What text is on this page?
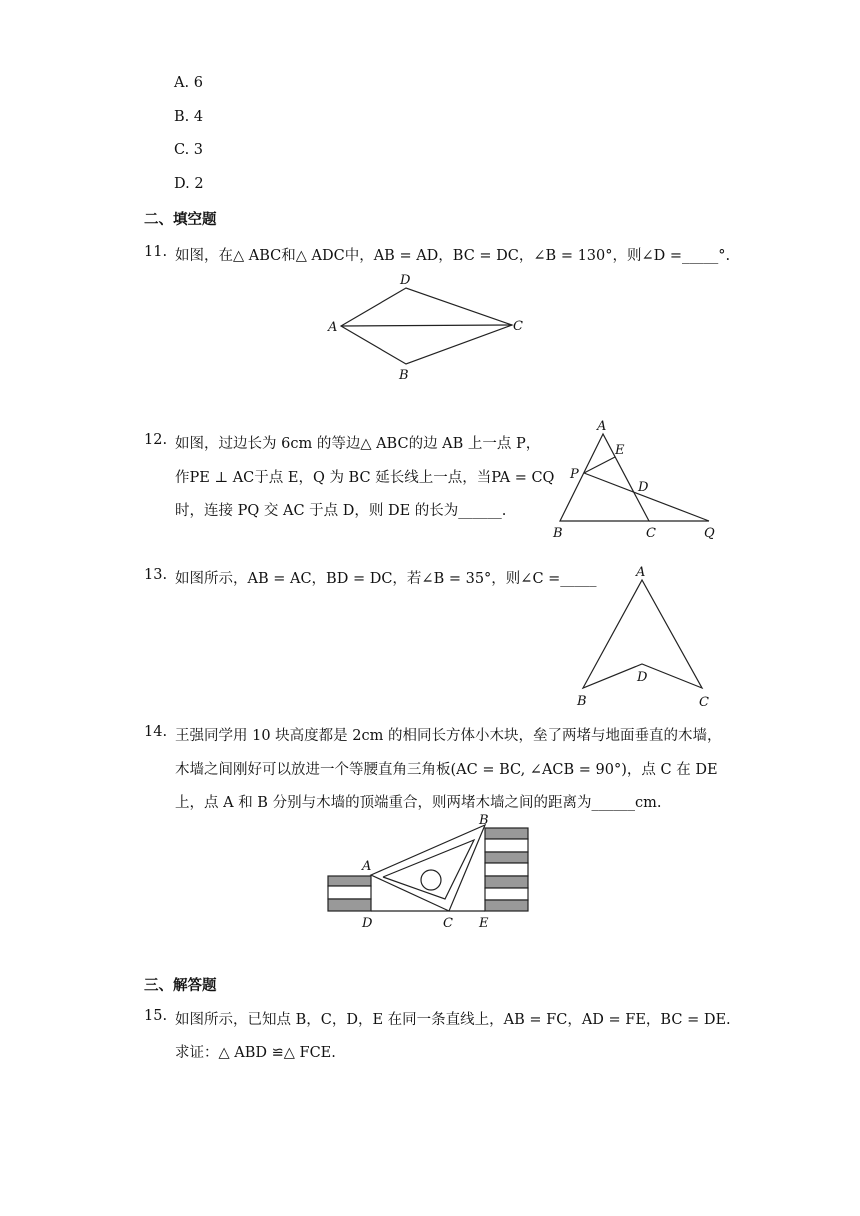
A. 6
B. 4
C. 3
D. 2
二、填空题
11. 如图，在△ ABC和△ ADC中，AB = AD，BC = DC，∠B = 130°，则∠D =_____°.
D
A	C
B
12. 如图，过边长为 6cm 的等边△ ABC的边 AB 上一点 P，
作PE ⊥ AC于点 E，Q 为 BC 延长线上一点，当PA = CQ
时，连接 PQ 交 AC 于点 D，则 DE 的长为______.
A
E
P
D
B	C	Q
13. 如图所示，AB = AC，BD = DC，若∠B = 35°，则∠C =_____	A
D
B	C
14. 王强同学用 10 块高度都是 2cm 的相同长方体小木块，垒了两堵与地面垂直的木墙，
木墙之间刚好可以放进一个等腰直角三角板(AC = BC, ∠ACB = 90°)，点 C 在 DE
上，点 A 和 B 分别与木墙的顶端重合，则两堵木墙之间的距离为______cm.
A
B
D	C E
三、解答题
15. 如图所示，已知点 B，C，D，E 在同一条直线上，AB = FC，AD = FE，BC = DE.
求证：△ ABD ≌△ FCE.
